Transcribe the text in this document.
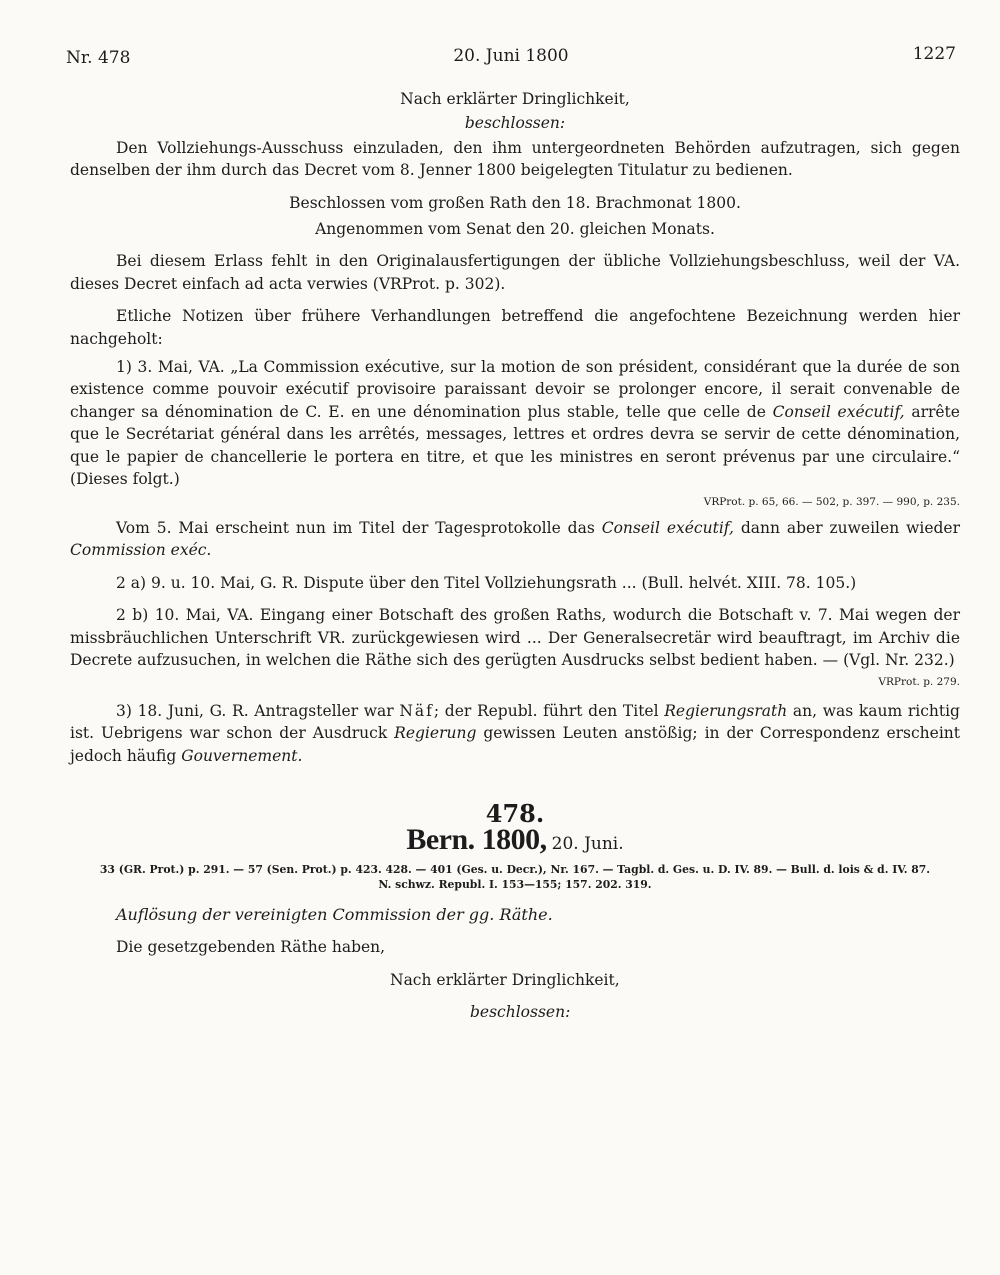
Nr. 478	20. Juni 1800	1227

Nach erklärter Dringlichkeit,

beschlossen:

Den Vollziehungs-Ausschuss einzuladen, den ihm untergeordneten Behörden aufzutragen, sich gegen denselben der ihm durch das Decret vom 8. Jenner 1800 beigelegten Titulatur zu bedienen.

Beschlossen vom großen Rath den 18. Brachmonat 1800.

Angenommen vom Senat den 20. gleichen Monats.

Bei diesem Erlass fehlt in den Originalausfertigungen der übliche Vollziehungsbeschluss, weil der VA. dieses Decret einfach ad acta verwies (VRProt. p. 302).

Etliche Notizen über frühere Verhandlungen betreffend die angefochtene Bezeichnung werden hier nachgeholt:

1) 3. Mai, VA. „La Commission exécutive, sur la motion de son président, considérant que la durée de son existence comme pouvoir exécutif provisoire paraissant devoir se prolonger encore, il serait convenable de changer sa dénomination de C. E. en une dénomination plus stable, telle que celle de Conseil exécutif, arrête que le Secrétariat général dans les arrêtés, messages, lettres et ordres devra se servir de cette dénomination, que le papier de chancellerie le portera en titre, et que les ministres en seront prévenus par une circulaire.“ (Dieses folgt.)

VRProt. p. 65, 66. — 502, p. 397. — 990, p. 235.

Vom 5. Mai erscheint nun im Titel der Tagesprotokolle das Conseil exécutif, dann aber zuweilen wieder Commission exéc.

2 a) 9. u. 10. Mai, G. R. Dispute über den Titel Vollziehungsrath ... (Bull. helvét. XIII. 78. 105.)

2 b) 10. Mai, VA. Eingang einer Botschaft des großen Raths, wodurch die Botschaft v. 7. Mai wegen der missbräuchlichen Unterschrift VR. zurückgewiesen wird ... Der Generalsecretär wird beauftragt, im Archiv die Decrete aufzusuchen, in welchen die Räthe sich des gerügten Ausdrucks selbst bedient haben. — (Vgl. Nr. 232.)

VRProt. p. 279.

3) 18. Juni, G. R. Antragsteller war Näf; der Republ. führt den Titel Regierungsrath an, was kaum richtig ist. Uebrigens war schon der Ausdruck Regierung gewissen Leuten anstößig; in der Correspondenz erscheint jedoch häufig Gouvernement.

478.
Bern. 1800, 20. Juni.

33 (GR. Prot.) p. 291. — 57 (Sen. Prot.) p. 423. 428. — 401 (Ges. u. Decr.), Nr. 167. — Tagbl. d. Ges. u. D. IV. 89. — Bull. d. lois & d. IV. 87.

N. schwz. Republ. I. 153—155; 157. 202. 319.

Auflösung der vereinigten Commission der gg. Räthe.

Die gesetzgebenden Räthe haben,

Nach erklärter Dringlichkeit,

beschlossen:
